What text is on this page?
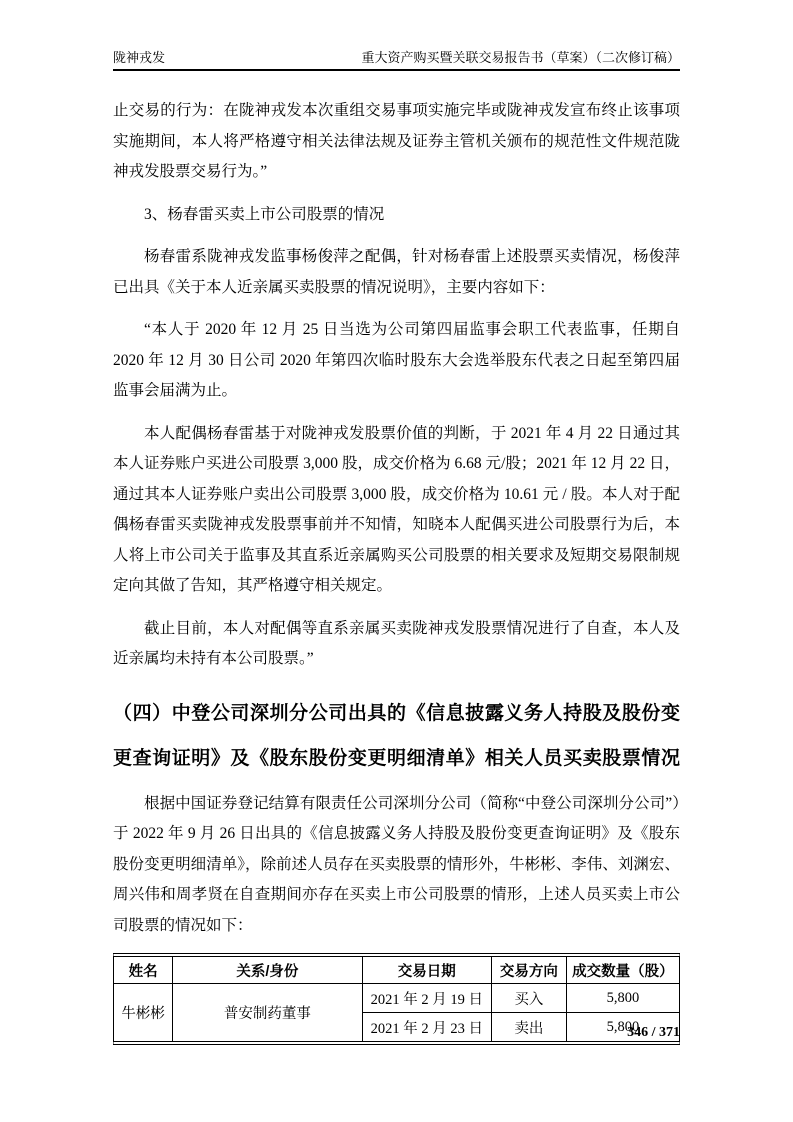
陇神戎发	重大资产购买暨关联交易报告书（草案）（二次修订稿）

止交易的行为：在陇神戎发本次重组交易事项实施完毕或陇神戎发宣布终止该事项实施期间，本人将严格遵守相关法律法规及证券主管机关颁布的规范性文件规范陇神戎发股票交易行为。”

3、杨春雷买卖上市公司股票的情况

杨春雷系陇神戎发监事杨俊萍之配偶，针对杨春雷上述股票买卖情况，杨俊萍已出具《关于本人近亲属买卖股票的情况说明》，主要内容如下：

“本人于 2020 年 12 月 25 日当选为公司第四届监事会职工代表监事，任期自 2020 年 12 月 30 日公司 2020 年第四次临时股东大会选举股东代表之日起至第四届监事会届满为止。

本人配偶杨春雷基于对陇神戎发股票价值的判断，于 2021 年 4 月 22 日通过其本人证券账户买进公司股票 3,000 股，成交价格为 6.68 元/股；2021 年 12 月 22 日，通过其本人证券账户卖出公司股票 3,000 股，成交价格为 10.61 元 / 股。本人对于配偶杨春雷买卖陇神戎发股票事前并不知情，知晓本人配偶买进公司股票行为后，本人将上市公司关于监事及其直系近亲属购买公司股票的相关要求及短期交易限制规定向其做了告知，其严格遵守相关规定。

截止目前，本人对配偶等直系亲属买卖陇神戎发股票情况进行了自查，本人及近亲属均未持有本公司股票。”

（四）中登公司深圳分公司出具的《信息披露义务人持股及股份变更查询证明》及《股东股份变更明细清单》相关人员买卖股票情况

根据中国证券登记结算有限责任公司深圳分公司（简称“中登公司深圳分公司”）于 2022 年 9 月 26 日出具的《信息披露义务人持股及股份变更查询证明》及《股东股份变更明细清单》，除前述人员存在买卖股票的情形外，牛彬彬、李伟、刘渊宏、周兴伟和周孝贤在自查期间亦存在买卖上市公司股票的情形，上述人员买卖上市公司股票的情况如下：

姓名	关系/身份	交易日期	交易方向	成交数量（股）
牛彬彬	普安制药董事	2021 年 2 月 19 日	买入	5,800
		2021 年 2 月 23 日	卖出	5,800
346 / 371
